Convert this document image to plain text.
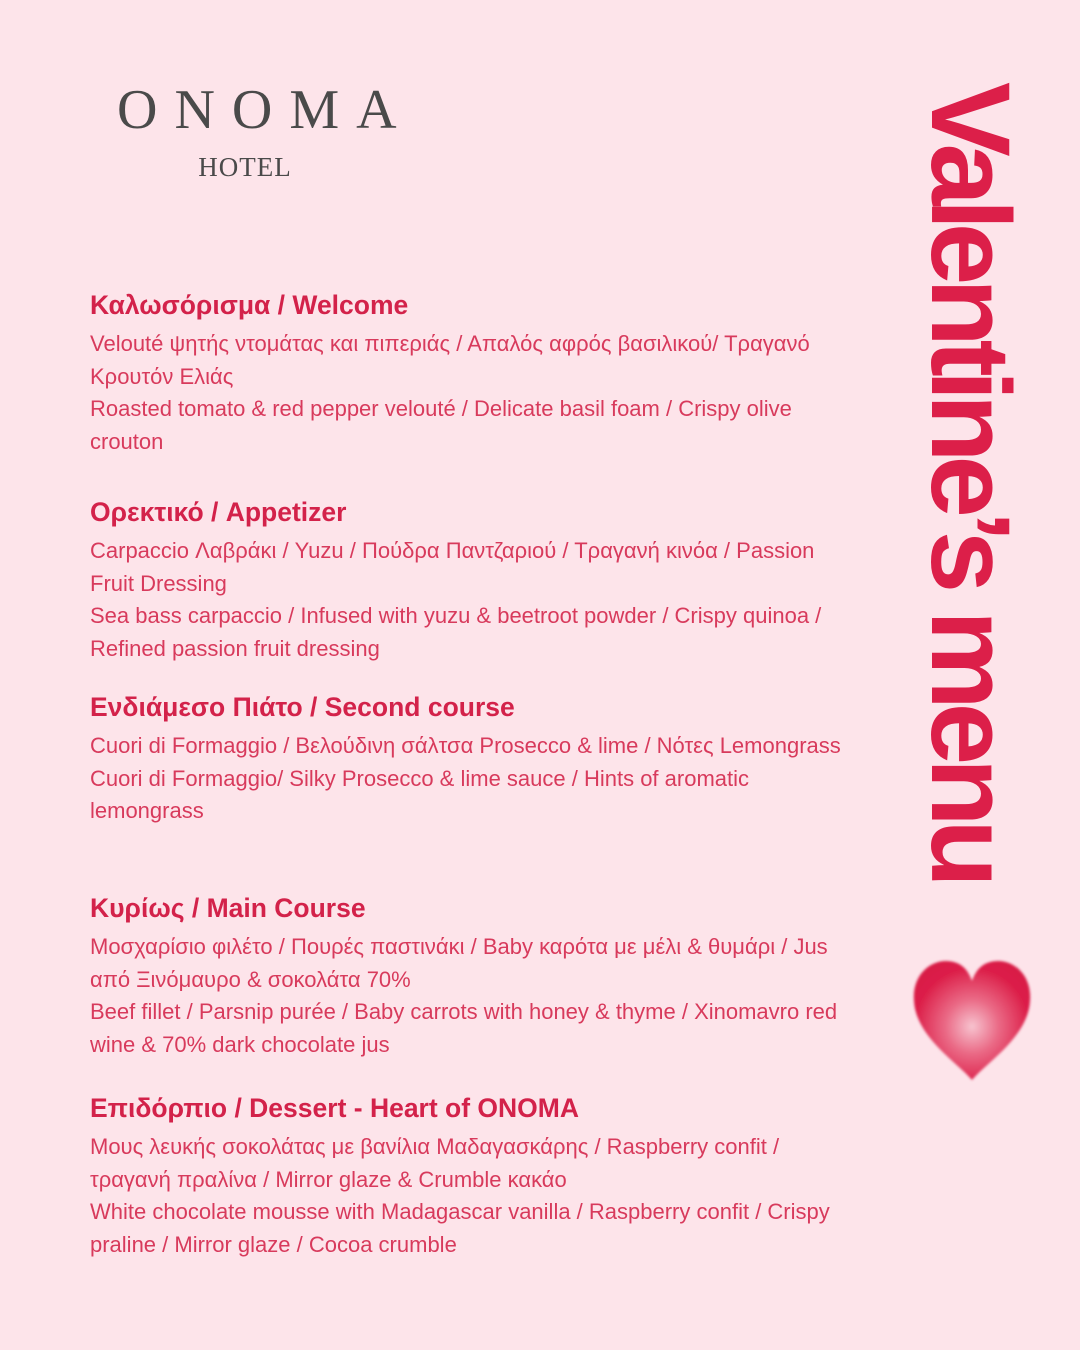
ONOMA
HOTEL
Καλωσόρισμα / Welcome

Velouté ψητής ντομάτας και πιπεριάς / Απαλός αφρός βασιλικού/ Τραγανό Κρουτόν Ελιάς

Roasted tomato & red pepper velouté / Delicate basil foam / Crispy olive crouton

Ορεκτικό / Appetizer

Carpaccio Λαβράκι / Yuzu / Πούδρα Παντζαριού / Τραγανή κινόα / Passion Fruit Dressing

Sea bass carpaccio / Infused with yuzu & beetroot powder / Crispy quinoa / Refined passion fruit dressing

Ενδιάμεσο Πιάτο / Second course

Cuori di Formaggio / Βελούδινη σάλτσα Prosecco & lime / Νότες Lemongrass

Cuori di Formaggio/ Silky Prosecco & lime sauce / Hints of aromatic lemongrass

Κυρίως / Main Course

Μοσχαρίσιο φιλέτο / Πουρές παστινάκι / Baby καρότα με μέλι & θυμάρι / Jus από Ξινόμαυρο & σοκολάτα 70%

Beef fillet / Parsnip purée / Baby carrots with honey & thyme / Xinomavro red wine & 70% dark chocolate jus

Επιδόρπιο / Dessert - Heart of ONOMA

Μους λευκής σοκολάτας με βανίλια Μαδαγασκάρης / Raspberry confit / τραγανή πραλίνα / Mirror glaze & Crumble κακάο

White chocolate mousse with Madagascar vanilla / Raspberry confit / Crispy praline / Mirror glaze / Cocoa crumble

Valentine’s menu
